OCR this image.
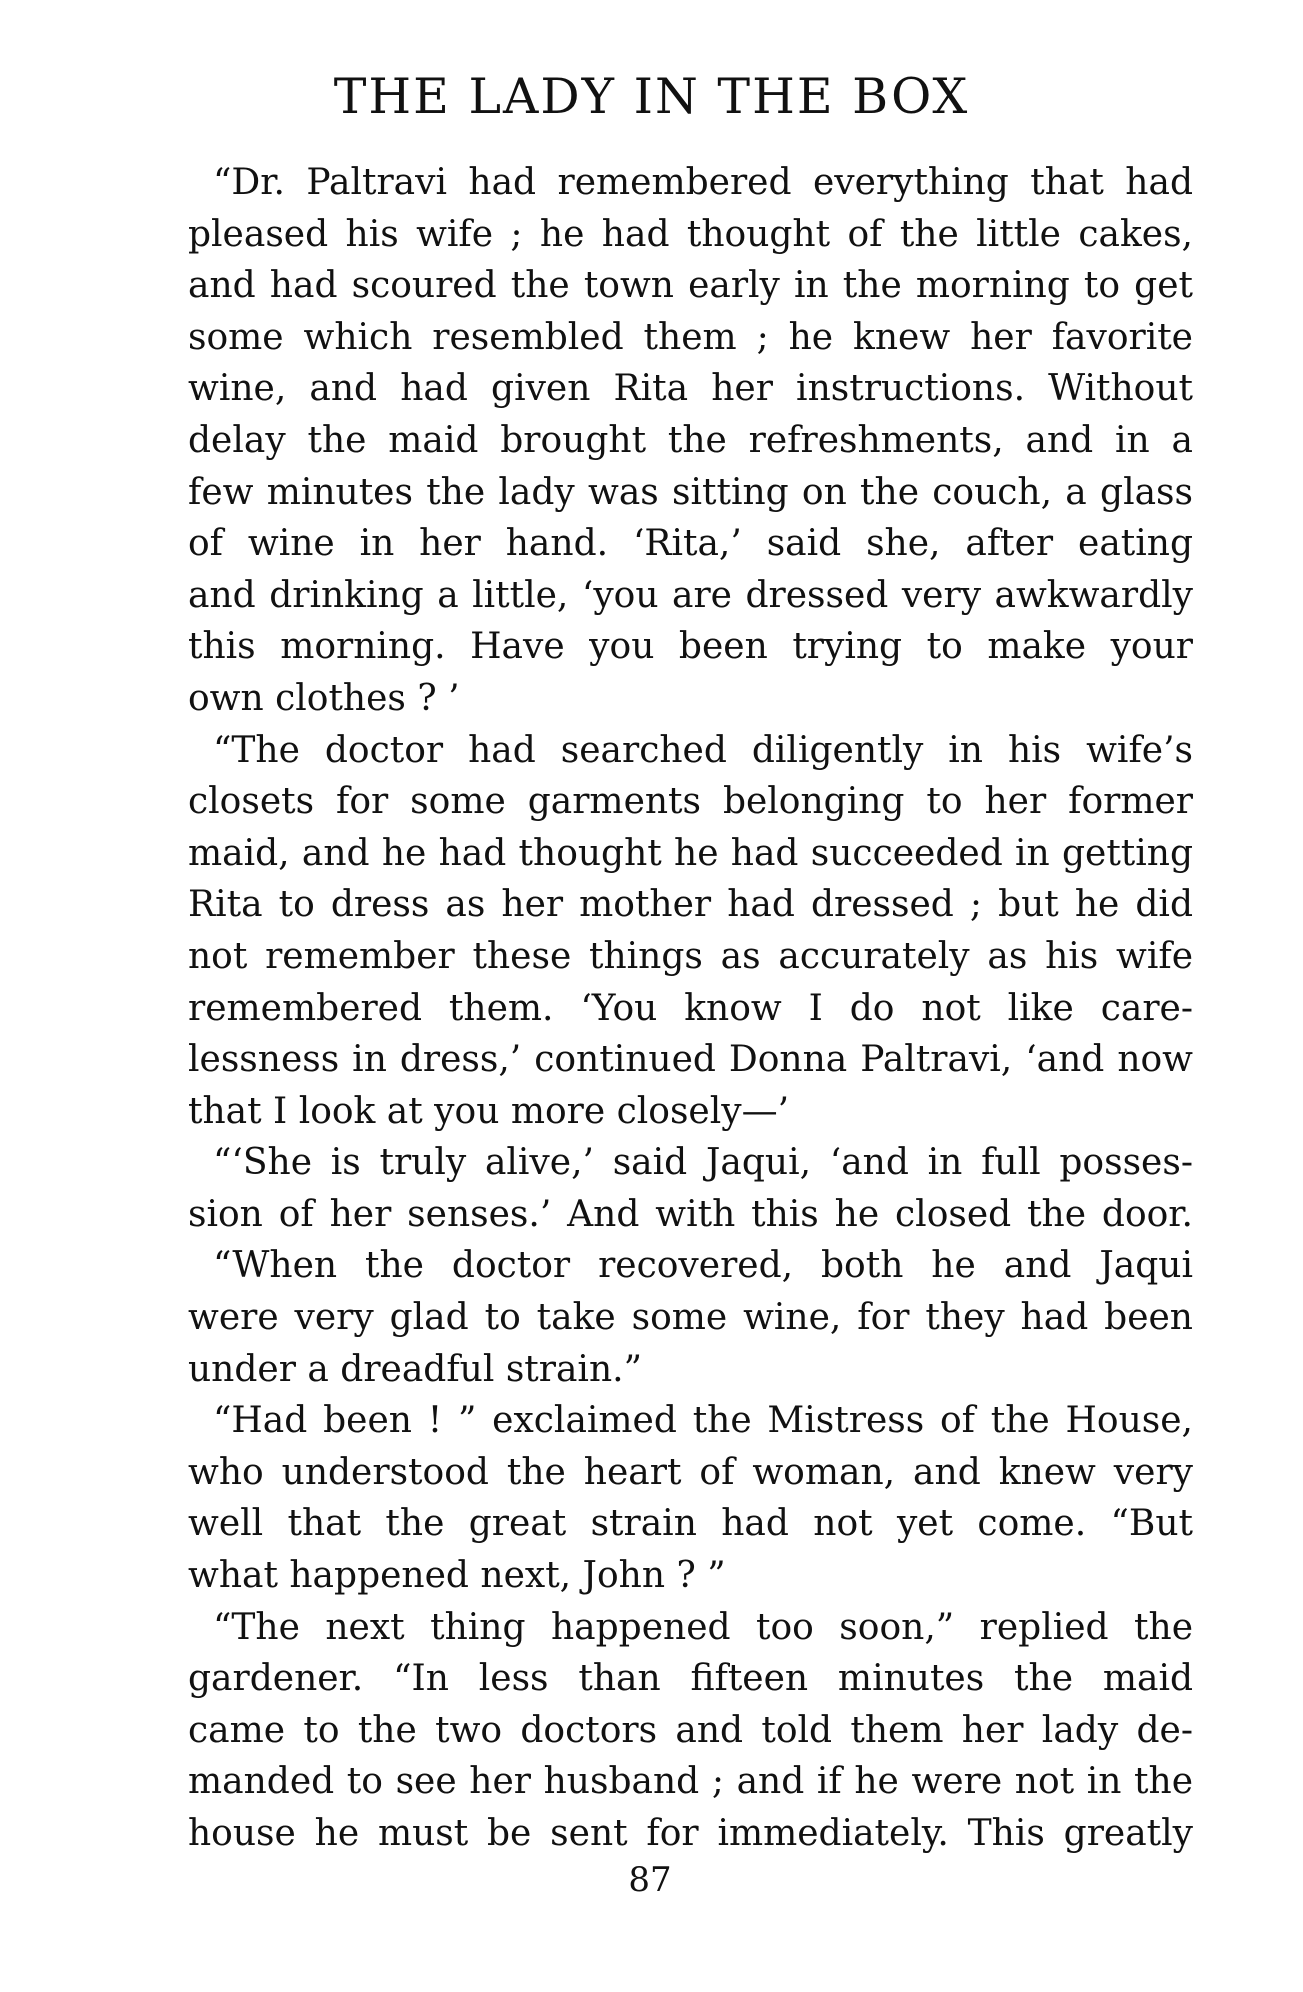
THE LADY IN THE BOX
“Dr. Paltravi had remembered everything that had
pleased his wife ; he had thought of the little cakes,
and had scoured the town early in the morning to get
some which resembled them ; he knew her favorite
wine, and had given Rita her instructions. Without
delay the maid brought the refreshments, and in a
few minutes the lady was sitting on the couch, a glass
of wine in her hand. ‘Rita,’ said she, after eating
and drinking a little, ‘you are dressed very awkwardly
this morning. Have you been trying to make your
own clothes ? ’
“The doctor had searched diligently in his wife’s
closets for some garments belonging to her former
maid, and he had thought he had succeeded in getting
Rita to dress as her mother had dressed ; but he did
not remember these things as accurately as his wife
remembered them. ‘You know I do not like care-
lessness in dress,’ continued Donna Paltravi, ‘and now
that I look at you more closely—’
“‘She is truly alive,’ said Jaqui, ‘and in full posses-
sion of her senses.’ And with this he closed the door.
“When the doctor recovered, both he and Jaqui
were very glad to take some wine, for they had been
under a dreadful strain.”
“Had been ! ” exclaimed the Mistress of the House,
who understood the heart of woman, and knew very
well that the great strain had not yet come. “But
what happened next, John ? ”
“The next thing happened too soon,” replied the
gardener. “In less than fifteen minutes the maid
came to the two doctors and told them her lady de-
manded to see her husband ; and if he were not in the
house he must be sent for immediately. This greatly
87
